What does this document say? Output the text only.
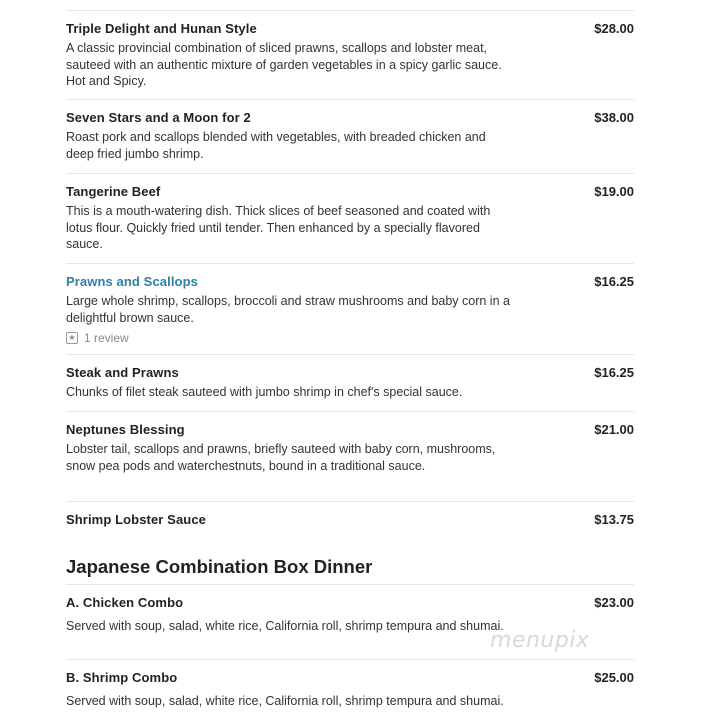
Triple Delight and Hunan Style	$28.00
A classic provincial combination of sliced prawns, scallops and lobster meat, sauteed with an authentic mixture of garden vegetables in a spicy garlic sauce. Hot and Spicy.
Seven Stars and a Moon for 2	$38.00
Roast pork and scallops blended with vegetables, with breaded chicken and deep fried jumbo shrimp.
Tangerine Beef	$19.00
This is a mouth-watering dish. Thick slices of beef seasoned and coated with lotus flour. Quickly fried until tender. Then enhanced by a specially flavored sauce.
Prawns and Scallops	$16.25
Large whole shrimp, scallops, broccoli and straw mushrooms and baby corn in a delightful brown sauce.
★ 1 review
Steak and Prawns	$16.25
Chunks of filet steak sauteed with jumbo shrimp in chef's special sauce.
Neptunes Blessing	$21.00
Lobster tail, scallops and prawns, briefly sauteed with baby corn, mushrooms, snow pea pods and waterchestnuts, bound in a traditional sauce.
Shrimp Lobster Sauce	$13.75
Japanese Combination Box Dinner
A. Chicken Combo	$23.00
Served with soup, salad, white rice, California roll, shrimp tempura and shumai.
B. Shrimp Combo	$25.00
Served with soup, salad, white rice, California roll, shrimp tempura and shumai.
menupix
